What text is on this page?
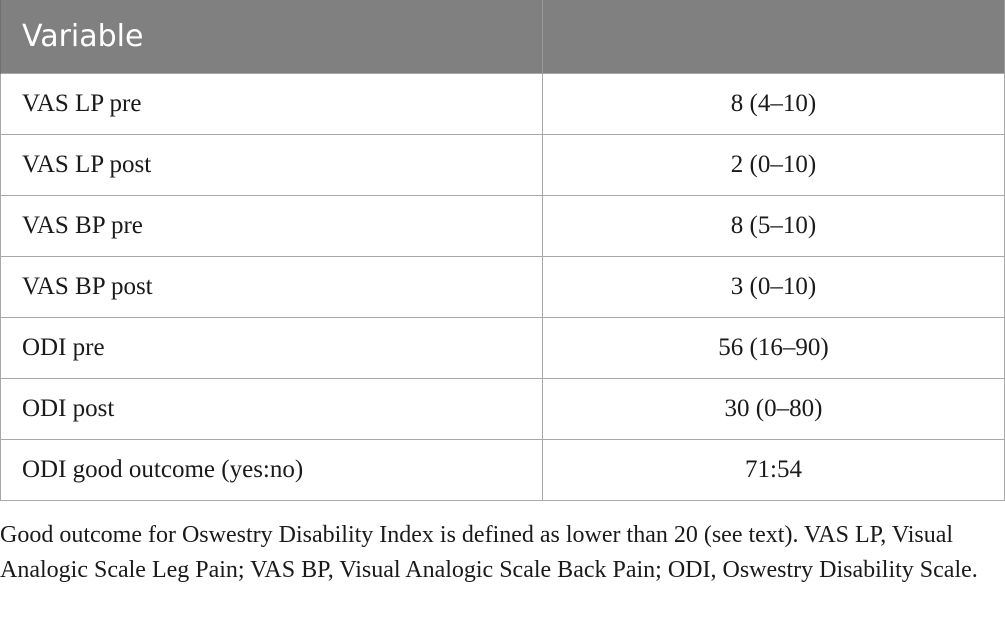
Variable	
VAS LP pre	8 (4–10)
VAS LP post	2 (0–10)
VAS BP pre	8 (5–10)
VAS BP post	3 (0–10)
ODI pre	56 (16–90)
ODI post	30 (0–80)
ODI good outcome (yes:no)	71:54

Good outcome for Oswestry Disability Index is defined as lower than 20 (see text). VAS LP, Visual Analogic Scale Leg Pain; VAS BP, Visual Analogic Scale Back Pain; ODI, Oswestry Disability Scale.
